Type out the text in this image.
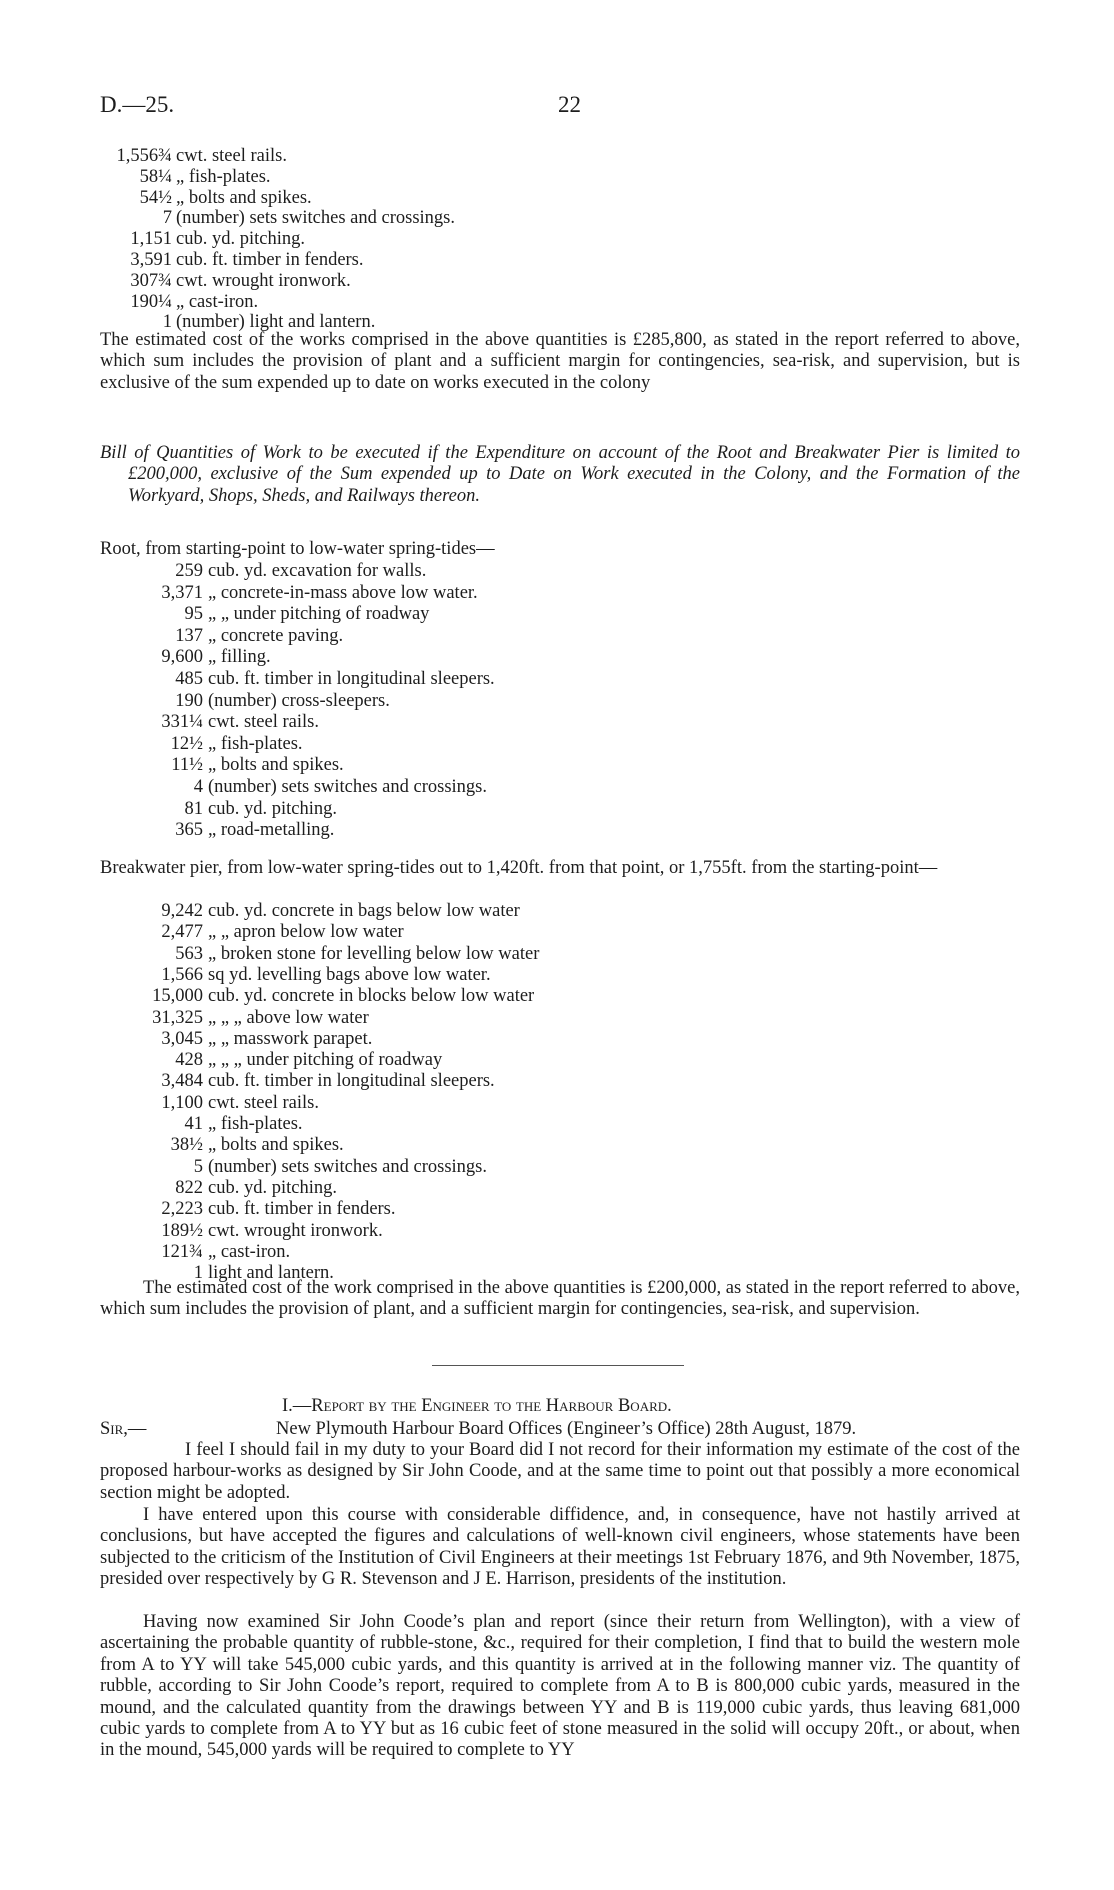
D.—25.	22
1,556¾ cwt. steel rails.
58¼ „ fish-plates.
54½ „ bolts and spikes.
7 (number) sets switches and crossings.
1,151 cub. yd. pitching.
3,591 cub. ft. timber in fenders.
307¾ cwt. wrought ironwork.
190¼ „ cast-iron.
1 (number) light and lantern.
The estimated cost of the works comprised in the above quantities is £285,800, as stated in the report referred to above, which sum includes the provision of plant and a sufficient margin for contingencies, sea-risk, and supervision, but is exclusive of the sum expended up to date on works executed in the colony
Bill of Quantities of Work to be executed if the Expenditure on account of the Root and Breakwater Pier is limited to £200,000, exclusive of the Sum expended up to Date on Work executed in the Colony, and the Formation of the Workyard, Shops, Sheds, and Railways thereon.
Root, from starting-point to low-water spring-tides—
259 cub. yd. excavation for walls.
3,371 „ concrete-in-mass above low water.
95 „ „ under pitching of roadway
137 „ concrete paving.
9,600 „ filling.
485 cub. ft. timber in longitudinal sleepers.
190 (number) cross-sleepers.
331¼ cwt. steel rails.
12½ „ fish-plates.
11½ „ bolts and spikes.
4 (number) sets switches and crossings.
81 cub. yd. pitching.
365 „ road-metalling.
Breakwater pier, from low-water spring-tides out to 1,420ft. from that point, or 1,755ft. from the starting-point—
9,242 cub. yd. concrete in bags below low water
2,477 „ „ apron below low water
563 „ broken stone for levelling below low water
1,566 sq yd. levelling bags above low water.
15,000 cub. yd. concrete in blocks below low water
31,325 „ „ „ above low water
3,045 „ „ masswork parapet.
428 „ „ „ under pitching of roadway
3,484 cub. ft. timber in longitudinal sleepers.
1,100 cwt. steel rails.
41 „ fish-plates.
38½ „ bolts and spikes.
5 (number) sets switches and crossings.
822 cub. yd. pitching.
2,223 cub. ft. timber in fenders.
189½ cwt. wrought ironwork.
121¾ „ cast-iron.
1 light and lantern.
The estimated cost of the work comprised in the above quantities is £200,000, as stated in the report referred to above, which sum includes the provision of plant, and a sufficient margin for contingencies, sea-risk, and supervision.
I.—Report by the Engineer to the Harbour Board.
Sir,—	New Plymouth Harbour Board Offices (Engineer’s Office) 28th August, 1879.
I feel I should fail in my duty to your Board did I not record for their information my estimate of the cost of the proposed harbour-works as designed by Sir John Coode, and at the same time to point out that possibly a more economical section might be adopted.
I have entered upon this course with considerable diffidence, and, in consequence, have not hastily arrived at conclusions, but have accepted the figures and calculations of well-known civil engineers, whose statements have been subjected to the criticism of the Institution of Civil Engineers at their meetings 1st February 1876, and 9th November, 1875, presided over respectively by G R. Stevenson and J E. Harrison, presidents of the institution.
Having now examined Sir John Coode’s plan and report (since their return from Wellington), with a view of ascertaining the probable quantity of rubble-stone, &c., required for their completion, I find that to build the western mole from A to YY will take 545,000 cubic yards, and this quantity is arrived at in the following manner viz. The quantity of rubble, according to Sir John Coode’s report, required to complete from A to B is 800,000 cubic yards, measured in the mound, and the calculated quantity from the drawings between YY and B is 119,000 cubic yards, thus leaving 681,000 cubic yards to complete from A to YY but as 16 cubic feet of stone measured in the solid will occupy 20ft., or about, when in the mound, 545,000 yards will be required to complete to YY
